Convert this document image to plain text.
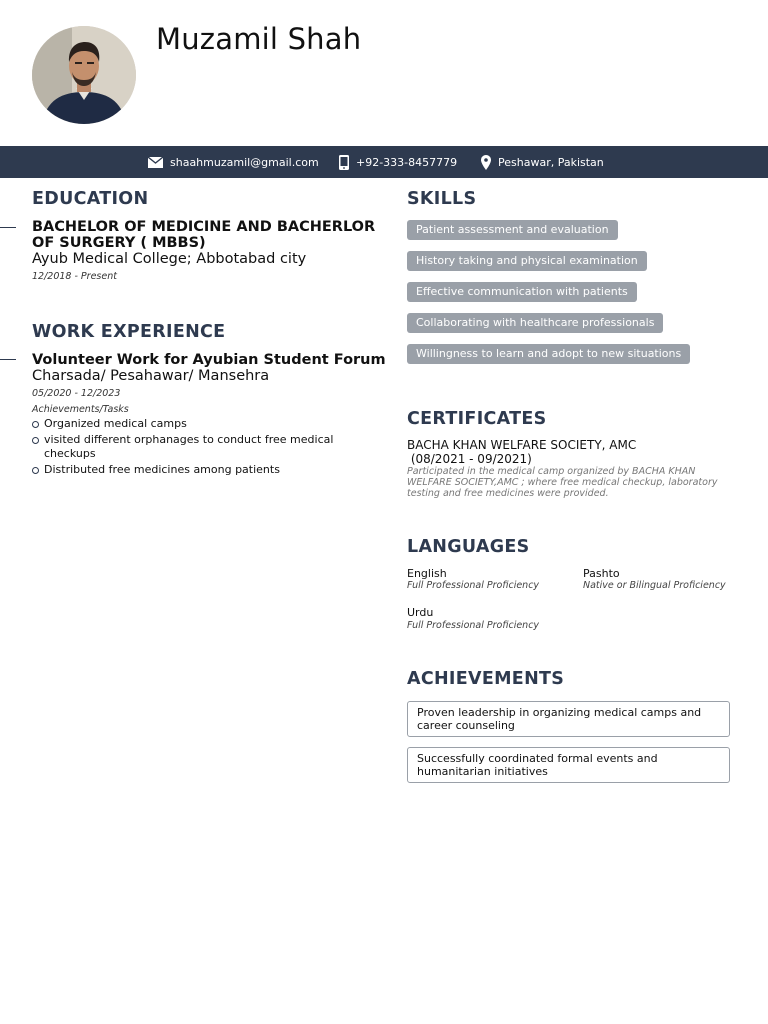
Muzamil Shah
shaahmuzamil@gmail.com	+92-333-8457779	Peshawar, Pakistan
EDUCATION
BACHELOR OF MEDICINE AND BACHERLOR
OF SURGERY ( MBBS)
Ayub Medical College; Abbotabad city
12/2018 - Present
WORK EXPERIENCE
Volunteer Work for Ayubian Student Forum
Charsada/ Pesahawar/ Mansehra
05/2020 - 12/2023
Achievements/Tasks
Organized medical camps
visited different orphanages to conduct free medical checkups
Distributed free medicines among patients
SKILLS
Patient assessment and evaluation
History taking and physical examination
Effective communication with patients
Collaborating with healthcare professionals
Willingness to learn and adopt to new situations
CERTIFICATES
BACHA KHAN WELFARE SOCIETY, AMC
(08/2021 - 09/2021)
Participated in the medical camp organized by BACHA KHAN WELFARE SOCIETY,AMC ; where free medical checkup, laboratory testing and free medicines were provided.
LANGUAGES
English
Full Professional Proficiency
Pashto
Native or Bilingual Proficiency
Urdu
Full Professional Proficiency
ACHIEVEMENTS
Proven leadership in organizing medical camps and career counseling
Successfully coordinated formal events and humanitarian initiatives
